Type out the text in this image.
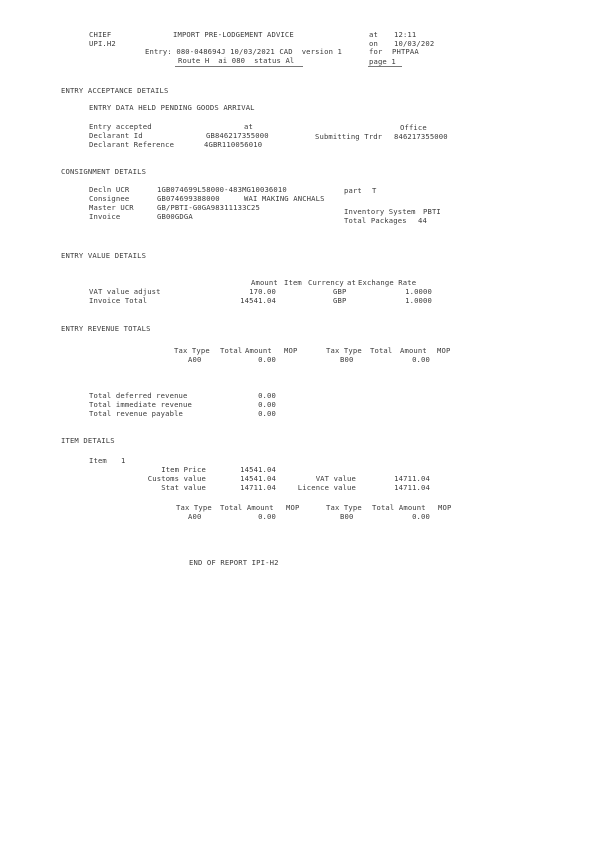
CHIEF
UPI.H2
IMPORT PRE-LODGEMENT ADVICE	at 12:11
on 10/03/202
Entry: 080-048694J 10/03/2021 CAD  version 1	for PHTPAA
Route H  ai 080  status Al	page 1
ENTRY ACCEPTANCE DETAILS
ENTRY DATA HELD PENDING GOODS ARRIVAL
Entry accepted	at	Office
Declarant Id	GB846217355000	Submitting Trdr 846217355000
Declarant Reference	4GBR110056010
CONSIGNMENT DETAILS
Decln UCR	1GB074699L58000-483MG10036010	part T
Consignee	GB074699388000	WAI MAKING ANCHALS
Master UCR	GB/PBTI-G0GA98311133C25	Inventory System PBTI
Invoice	GB00GDGA	Total Packages 44
ENTRY VALUE DETAILS
Amount Item Currency at Exchange Rate
VAT value adjust	170.00	GBP	1.0000
Invoice Total	14541.04	GBP	1.0000
ENTRY REVENUE TOTALS
Tax Type Total Amount MOP	Tax Type Total Amount MOP
A00	0.00	B00	0.00
Total deferred revenue	0.00
Total immediate revenue	0.00
Total revenue payable	0.00
ITEM DETAILS
Item 1
Item Price	14541.04
Customs value	14541.04	VAT value	14711.04
Stat value	14711.04	Licence value	14711.04
Tax Type Total Amount MOP	Tax Type Total Amount MOP
A00	0.00	B00	0.00
END OF REPORT IPI-H2
